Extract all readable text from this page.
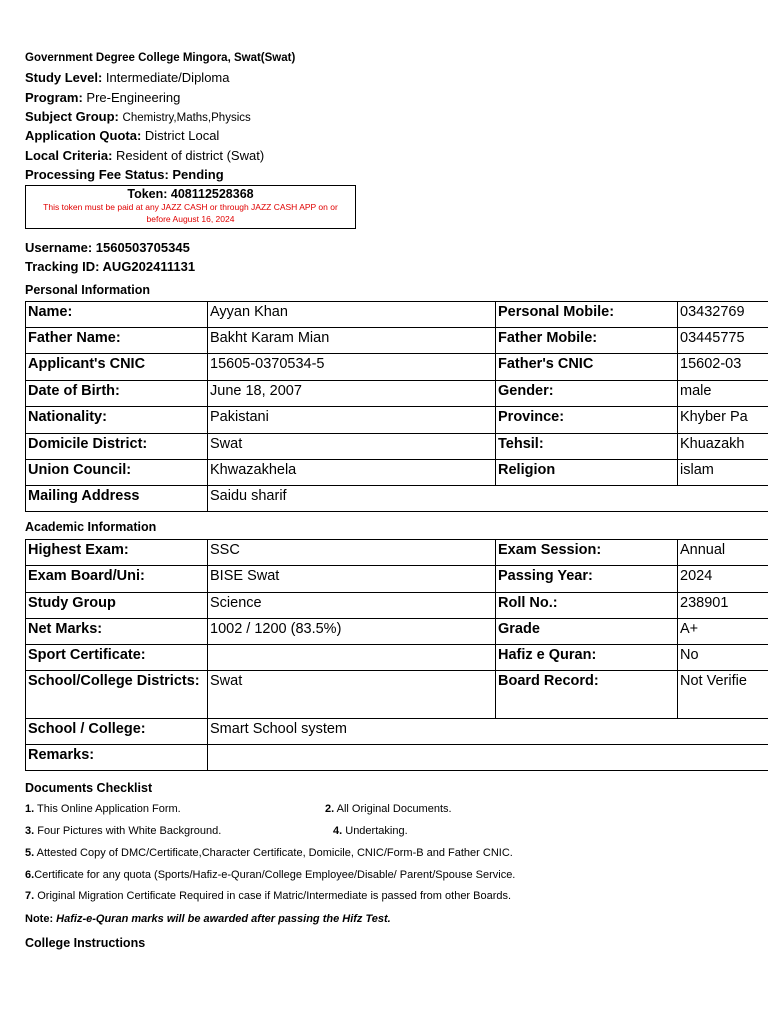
Government Degree College Mingora, Swat(Swat)
Study Level: Intermediate/Diploma
Program: Pre-Engineering
Subject Group: Chemistry,Maths,Physics
Application Quota: District Local
Local Criteria: Resident of district (Swat)
Processing Fee Status: Pending
Token: 408112528368
This token must be paid at any JAZZ CASH or through JAZZ CASH APP on or before August 16, 2024
Username: 1560503705345
Tracking ID: AUG202411131
Personal Information
Name:	Ayyan Khan	Personal Mobile:	03432769
Father Name:	Bakht Karam Mian	Father Mobile:	03445775
Applicant's CNIC	15605-0370534-5	Father's CNIC	15602-03
Date of Birth:	June 18, 2007	Gender:	male
Nationality:	Pakistani	Province:	Khyber Pa
Domicile District:	Swat	Tehsil:	Khuazakh
Union Council:	Khwazakhela	Religion	islam
Mailing Address	Saidu sharif		
Academic Information
Highest Exam:	SSC	Exam Session:	Annual
Exam Board/Uni:	BISE Swat	Passing Year:	2024
Study Group	Science	Roll No.:	238901
Net Marks:	1002 / 1200 (83.5%)	Grade	A+
Sport Certificate:		Hafiz e Quran:	No
School/College Districts:	Swat	Board Record:	Not Verifie
School / College:	Smart School system		
Remarks:			
Documents Checklist
1. This Online Application Form.	2. All Original Documents.
3. Four Pictures with White Background.	4. Undertaking.
5. Attested Copy of DMC/Certificate,Character Certificate, Domicile, CNIC/Form-B and Father CNIC.
6.Certificate for any quota (Sports/Hafiz-e-Quran/College Employee/Disable/ Parent/Spouse Service.
7. Original Migration Certificate Required in case if Matric/Intermediate is passed from other Boards.
Note: Hafiz-e-Quran marks will be awarded after passing the Hifz Test.
College Instructions
